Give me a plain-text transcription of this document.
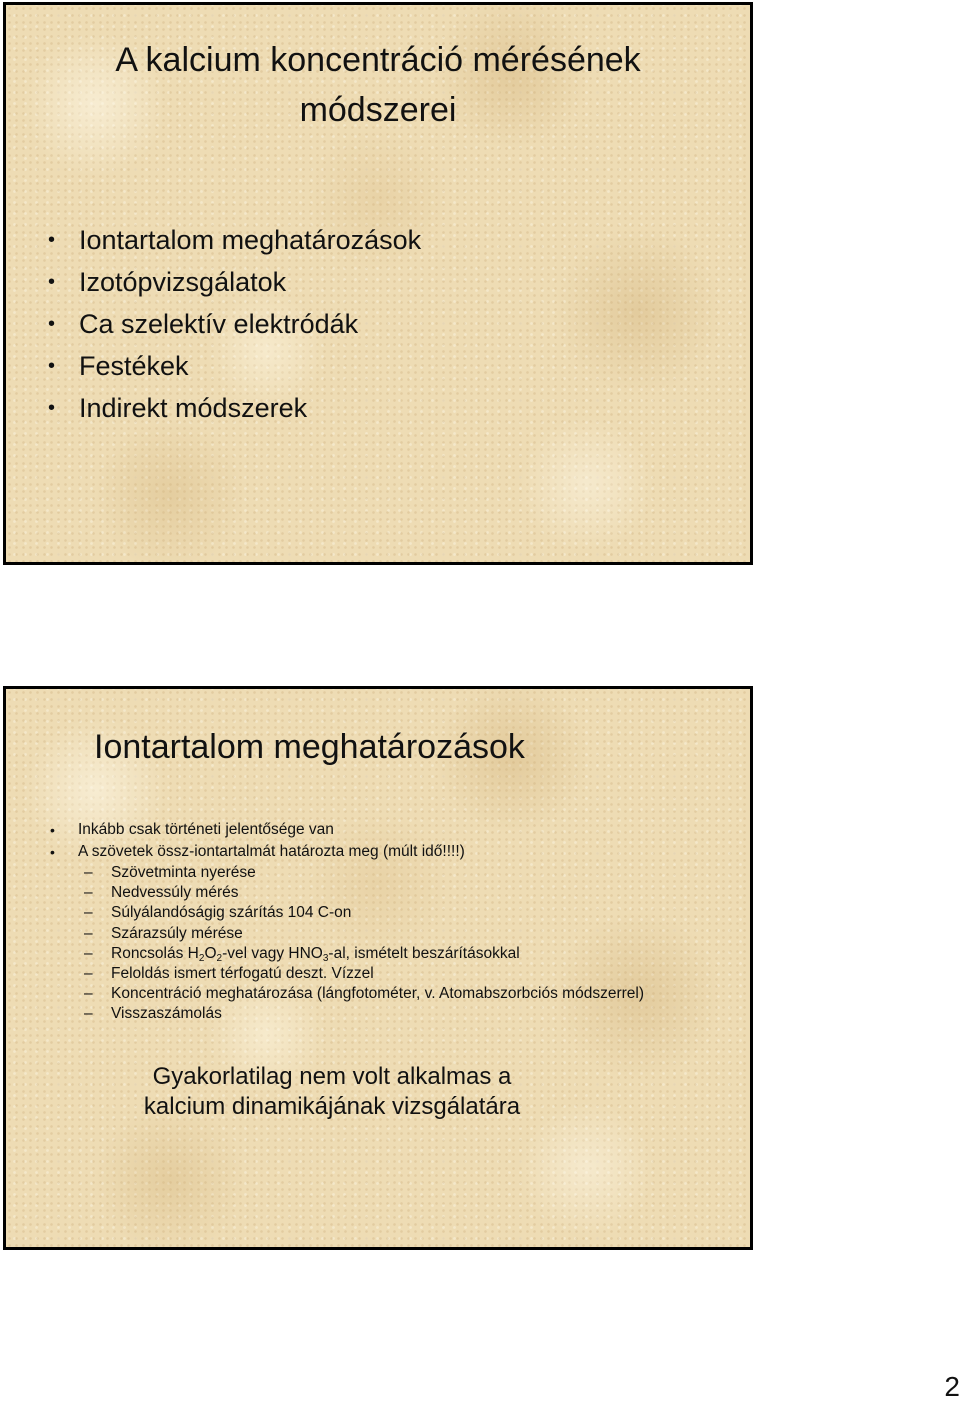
A kalcium koncentráció mérésének
módszerei
• Iontartalom meghatározások
• Izotópvizsgálatok
• Ca szelektív elektródák
• Festékek
• Indirekt módszerek
Iontartalom meghatározások
• Inkább csak történeti jelentősége van
• A szövetek össz-iontartalmát határozta meg (múlt idő!!!!)
– Szövetminta nyerése
– Nedvessúly mérés
– Súlyálandóságig szárítás 104 C-on
– Szárazsúly mérése
– Roncsolás $H_2O_2$-vel vagy $HNO_3-al$, ismételt beszárításokkal
– Feloldás ismert térfogatú deszt. Vízzel
– Koncentráció meghatározása (lángfotométer, v. Atomabszorbciós módszerrel)
– Visszaszámolás

Gyakorlatilag nem volt alkalmas a
kalcium dinamikájának vizsgálatára

2
